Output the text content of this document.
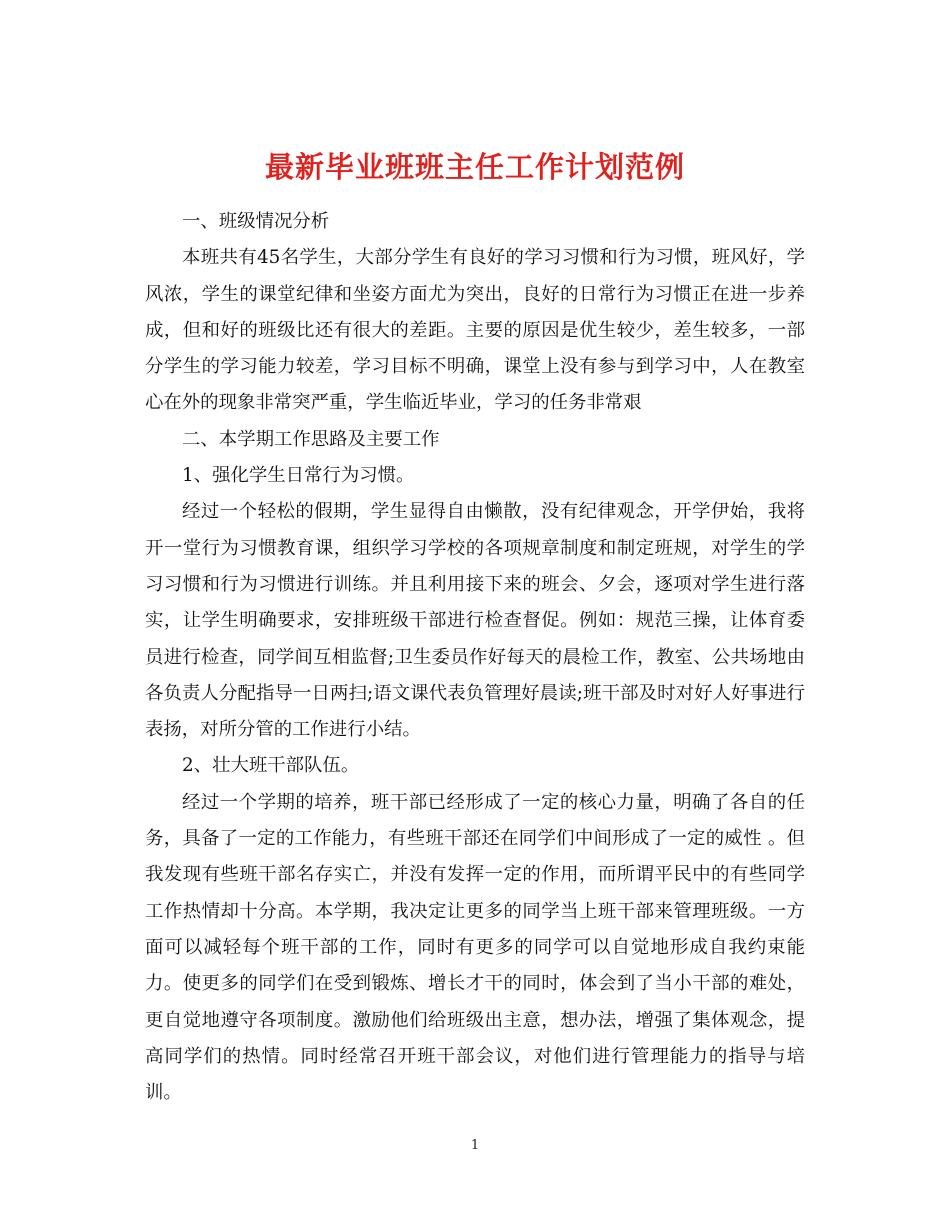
最新毕业班班主任工作计划范例

一、班级情况分析

本班共有45名学生，大部分学生有良好的学习习惯和行为习惯，班风好，学风浓，学生的课堂纪律和坐姿方面尤为突出，良好的日常行为习惯正在进一步养成，但和好的班级比还有很大的差距。主要的原因是优生较少，差生较多，一部分学生的学习能力较差，学习目标不明确，课堂上没有参与到学习中，人在教室心在外的现象非常突严重，学生临近毕业，学习的任务非常艰

二、本学期工作思路及主要工作

1、强化学生日常行为习惯。

经过一个轻松的假期，学生显得自由懒散，没有纪律观念，开学伊始，我将开一堂行为习惯教育课，组织学习学校的各项规章制度和制定班规，对学生的学习习惯和行为习惯进行训练。并且利用接下来的班会、夕会，逐项对学生进行落实，让学生明确要求，安排班级干部进行检查督促。例如：规范三操，让体育委员进行检查，同学间互相监督;卫生委员作好每天的晨检工作，教室、公共场地由各负责人分配指导一日两扫;语文课代表负管理好晨读;班干部及时对好人好事进行表扬，对所分管的工作进行小结。

2、壮大班干部队伍。

经过一个学期的培养，班干部已经形成了一定的核心力量，明确了各自的任务，具备了一定的工作能力，有些班干部还在同学们中间形成了一定的威性 。但我发现有些班干部名存实亡，并没有发挥一定的作用，而所谓平民中的有些同学工作热情却十分高。本学期，我决定让更多的同学当上班干部来管理班级。一方面可以减轻每个班干部的工作，同时有更多的同学可以自觉地形成自我约束能力。使更多的同学们在受到锻炼、增长才干的同时，体会到了当小干部的难处，更自觉地遵守各项制度。激励他们给班级出主意，想办法，增强了集体观念，提高同学们的热情。同时经常召开班干部会议，对他们进行管理能力的指导与培训。

1
